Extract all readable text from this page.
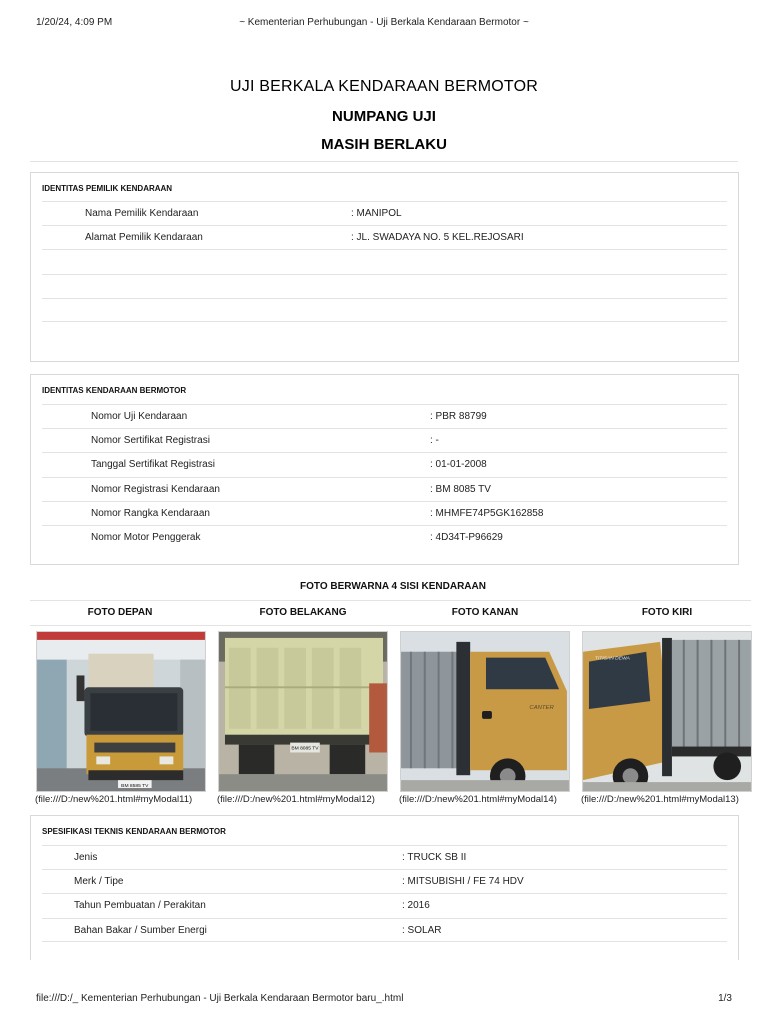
1/20/24, 4:09 PM	~ Kementerian Perhubungan - Uji Berkala Kendaraan Bermotor ~
UJI BERKALA KENDARAAN BERMOTOR
NUMPANG UJI
MASIH BERLAKU
IDENTITAS PEMILIK KENDARAAN
Nama Pemilik Kendaraan	: MANIPOL
Alamat Pemilik Kendaraan	: JL. SWADAYA NO. 5 KEL.REJOSARI
IDENTITAS KENDARAAN BERMOTOR
Nomor Uji Kendaraan	: PBR 88799
Nomor Sertifikat Registrasi	: -
Tanggal Sertifikat Registrasi	: 01-01-2008
Nomor Registrasi Kendaraan	: BM 8085 TV
Nomor Rangka Kendaraan	: MHMFE74P5GK162858
Nomor Motor Penggerak	: 4D34T-P96629
FOTO BERWARNA 4 SISI KENDARAAN
FOTO DEPAN	FOTO BELAKANG	FOTO KANAN	FOTO KIRI
BM 8585 TV
(file:///D:/new%201.html#myModal11)
BM 8085 TV
(file:///D:/new%201.html#myModal12)
CANTER
(file:///D:/new%201.html#myModal14)
TITISAN DEWA
(file:///D:/new%201.html#myModal13)
SPESIFIKASI TEKNIS KENDARAAN BERMOTOR
Jenis	: TRUCK SB II
Merk / Tipe	: MITSUBISHI / FE 74 HDV
Tahun Pembuatan / Perakitan	: 2016
Bahan Bakar / Sumber Energi	: SOLAR
file:///D:/_ Kementerian Perhubungan - Uji Berkala Kendaraan Bermotor baru_.html	1/3
